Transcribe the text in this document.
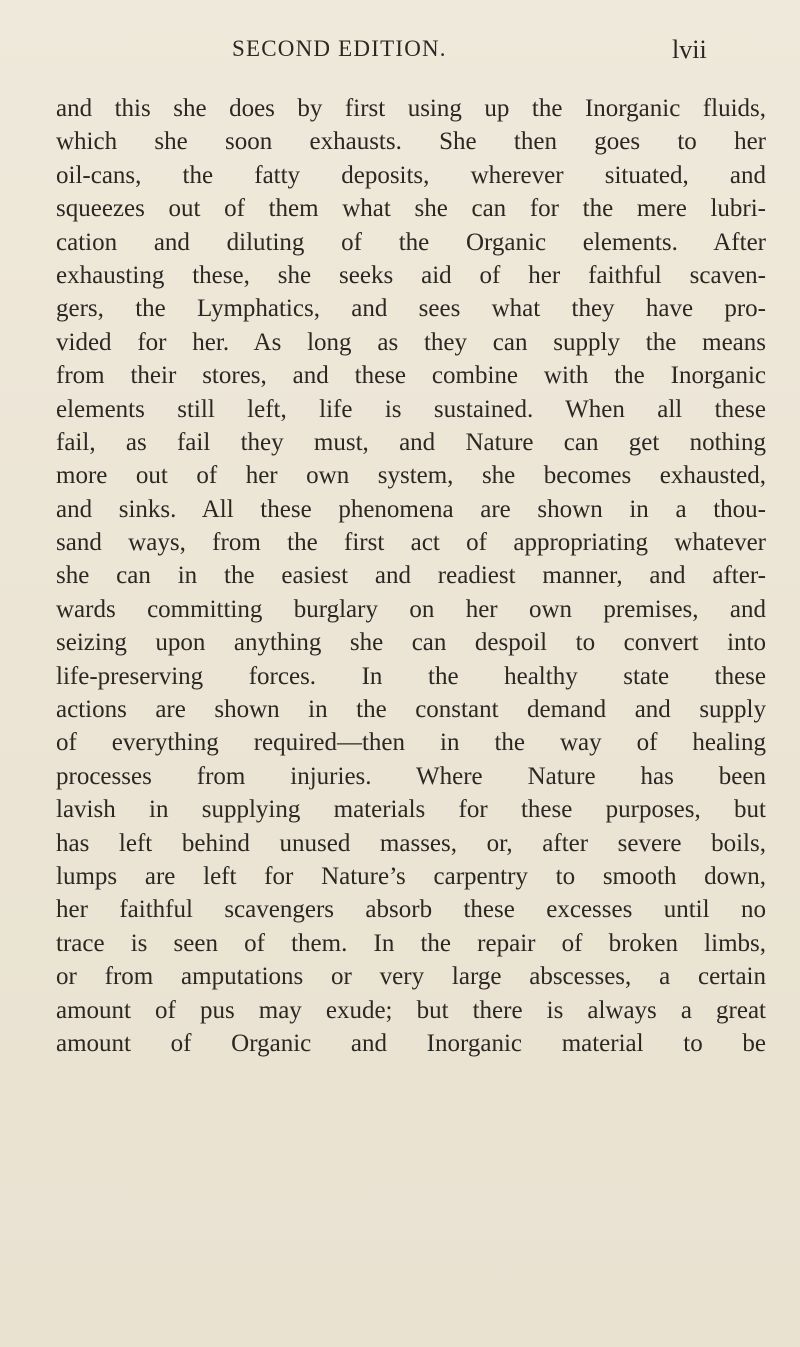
SECOND EDITION.	lvii
and this she does by first using up the Inorganic fluids,
which she soon exhausts. She then goes to her
oil-cans, the fatty deposits, wherever situated, and
squeezes out of them what she can for the mere lubri-
cation and diluting of the Organic elements. After
exhausting these, she seeks aid of her faithful scaven-
gers, the Lymphatics, and sees what they have pro-
vided for her. As long as they can supply the means
from their stores, and these combine with the Inorganic
elements still left, life is sustained. When all these
fail, as fail they must, and Nature can get nothing
more out of her own system, she becomes exhausted,
and sinks. All these phenomena are shown in a thou-
sand ways, from the first act of appropriating whatever
she can in the easiest and readiest manner, and after-
wards committing burglary on her own premises, and
seizing upon anything she can despoil to convert into
life-preserving forces. In the healthy state these
actions are shown in the constant demand and supply
of everything required—then in the way of healing
processes from injuries. Where Nature has been
lavish in supplying materials for these purposes, but
has left behind unused masses, or, after severe boils,
lumps are left for Nature’s carpentry to smooth down,
her faithful scavengers absorb these excesses until no
trace is seen of them. In the repair of broken limbs,
or from amputations or very large abscesses, a certain
amount of pus may exude; but there is always a great
amount of Organic and Inorganic material to be
